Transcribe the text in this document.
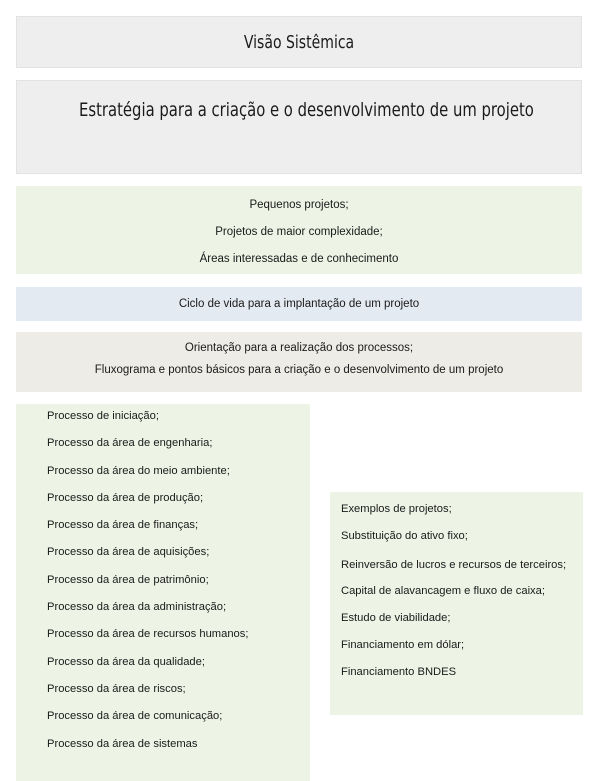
Visão Sistêmica
Estratégia para a criação e o desenvolvimento de um projeto
Pequenos projetos;
Projetos de maior complexidade;
Áreas interessadas e de conhecimento
Ciclo de vida para a implantação de um projeto
Orientação para a realização dos processos;
Fluxograma e pontos básicos para a criação e o desenvolvimento de um projeto
Processo de iniciação;
Processo da área de engenharia;
Processo da área do meio ambiente;
Processo da área de produção;
Processo da área de finanças;
Processo da área de aquisições;
Processo da área de patrimônio;
Processo da área da administração;
Processo da área de recursos humanos;
Processo da área da qualidade;
Processo da área de riscos;
Processo da área de comunicação;
Processo da área de sistemas
Exemplos de projetos;
Substituição do ativo fixo;
Reinversão de lucros e recursos de terceiros;
Capital de alavancagem e fluxo de caixa;
Estudo de viabilidade;
Financiamento em dólar;
Financiamento BNDES
